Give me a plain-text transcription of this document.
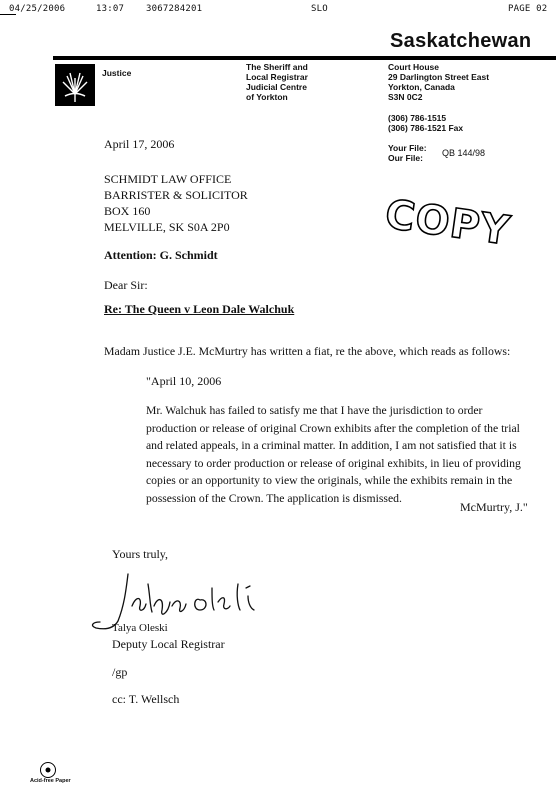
04/25/2006	13:07 3067284201	SLO	PAGE 02
Saskatchewan
Justice
The Sheriff and
Local Registrar
Judicial Centre
of Yorkton
Court House
29 Darlington Street East
Yorkton, Canada
S3N 0C2
(306) 786-1515
(306) 786-1521 Fax
Your File:
Our File: QB 144/98
April 17, 2006
SCHMIDT LAW OFFICE
BARRISTER & SOLICITOR
BOX 160
MELVILLE, SK S0A 2P0	COPY
Attention: G. Schmidt
Dear Sir:
Re: The Queen v Leon Dale Walchuk
Madam Justice J.E. McMurtry has written a fiat, re the above, which reads as follows:
"April 10, 2006

Mr. Walchuk has failed to satisfy me that I have the jurisdiction to order

production or release of original Crown exhibits after the completion of the trial

and related appeals, in a criminal matter. In addition, I am not satisfied that it is

necessary to order production or release of original exhibits, in lieu of providing

copies or an opportunity to view the originals, while the exhibits remain in the

possession of the Crown. The application is dismissed.

McMurtry, J."
Yours truly,
Talya Oleski
Deputy Local Registrar
/gp
cc: T. Wellsch
Acid-free Paper
